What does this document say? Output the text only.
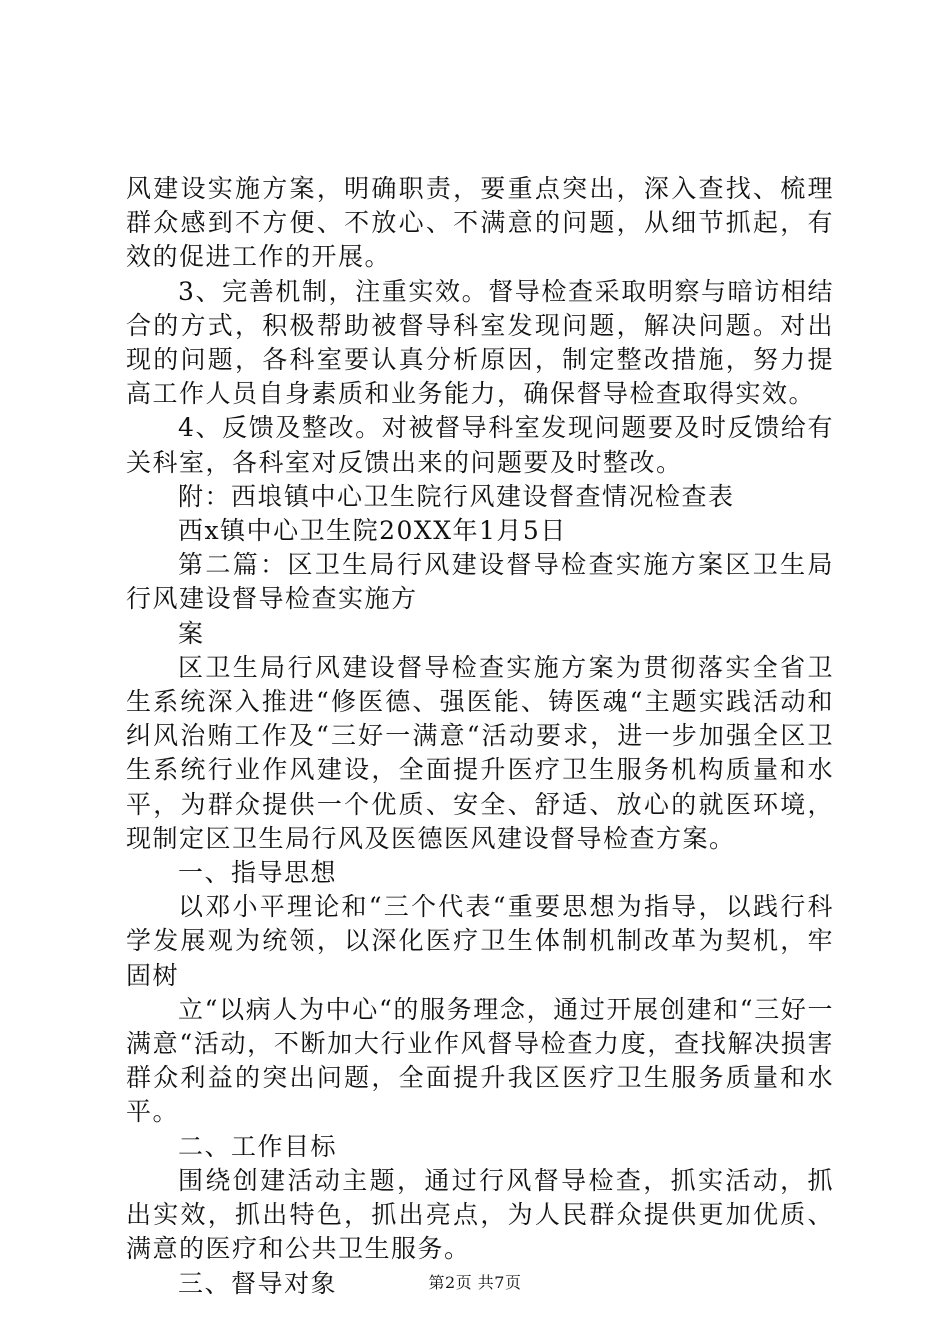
风建设实施方案，明确职责，要重点突出，深入查找、梳理群众感到不方便、不放心、不满意的问题，从细节抓起，有效的促进工作的开展。

3、完善机制，注重实效。督导检查采取明察与暗访相结合的方式，积极帮助被督导科室发现问题，解决问题。对出现的问题，各科室要认真分析原因，制定整改措施，努力提高工作人员自身素质和业务能力，确保督导检查取得实效。

4、反馈及整改。对被督导科室发现问题要及时反馈给有关科室，各科室对反馈出来的问题要及时整改。

附：西埌镇中心卫生院行风建设督查情况检查表

西x镇中心卫生院20XX年1月5日

第二篇：区卫生局行风建设督导检查实施方案区卫生局行风建设督导检查实施方

案

区卫生局行风建设督导检查实施方案为贯彻落实全省卫生系统深入推进“修医德、强医能、铸医魂“主题实践活动和纠风治贿工作及“三好一满意“活动要求，进一步加强全区卫生系统行业作风建设，全面提升医疗卫生服务机构质量和水平，为群众提供一个优质、安全、舒适、放心的就医环境，现制定区卫生局行风及医德医风建设督导检查方案。

一、指导思想

以邓小平理论和“三个代表“重要思想为指导，以践行科学发展观为统领，以深化医疗卫生体制机制改革为契机，牢固树

立“以病人为中心“的服务理念，通过开展创建和“三好一满意“活动，不断加大行业作风督导检查力度，查找解决损害群众利益的突出问题，全面提升我区医疗卫生服务质量和水平。

二、工作目标

围绕创建活动主题，通过行风督导检查，抓实活动，抓出实效，抓出特色，抓出亮点，为人民群众提供更加优质、满意的医疗和公共卫生服务。

三、督导对象	第2页 共7页
